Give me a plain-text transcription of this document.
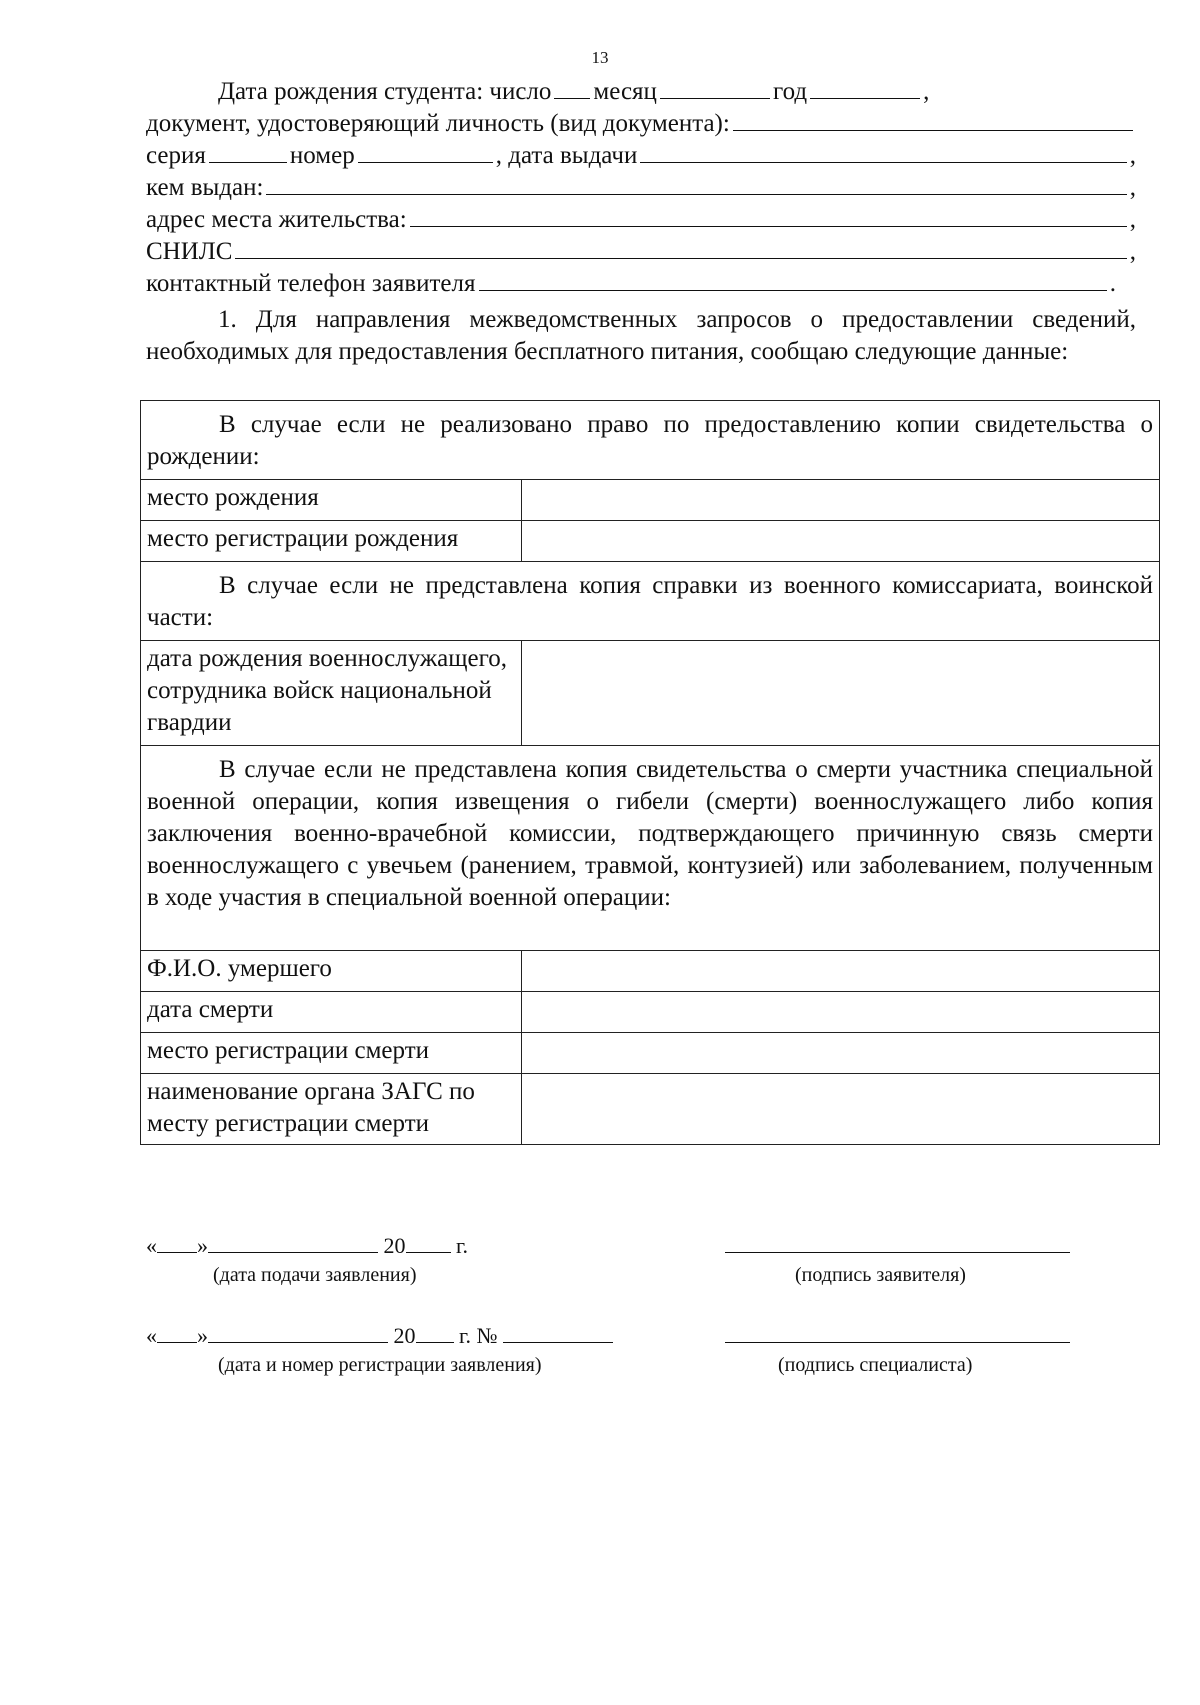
13
Дата рождения студента: число месяц	год	,
документ, удостоверяющий личность (вид документа):
серия	номер	, дата выдачи	,
кем выдан:	,
адрес места жительства:	,
СНИЛС	,
контактный телефон заявителя	.

1. Для направления межведомственных запросов о предоставлении сведений, необходимых для предоставления бесплатного питания, сообщаю следующие данные:

В случае если не реализовано право по предоставлению копии свидетельства о рождении:	
место рождения	
место регистрации рождения	
В случае если не представлена копия справки из военного комиссариата, воинской части:	
дата рождения военнослужащего, сотрудника войск национальной гвардии	
В случае если не представлена копия свидетельства о смерти участника специальной военной операции, копия извещения о гибели (смерти) военнослужащего либо копия заключения военно-врачебной комиссии, подтверждающего причинную связь смерти военнослужащего с увечьем (ранением, травмой, контузией) или заболеванием, полученным в ходе участия в специальной военной операции:	
Ф.И.О. умершего	
дата смерти	
место регистрации смерти	
наименование органа ЗАГС по месту регистрации смерти	
« »	20 г.
(дата подачи заявления)	(подпись заявителя)
« »	20 г. №
(дата и номер регистрации заявления)	(подпись специалиста)
